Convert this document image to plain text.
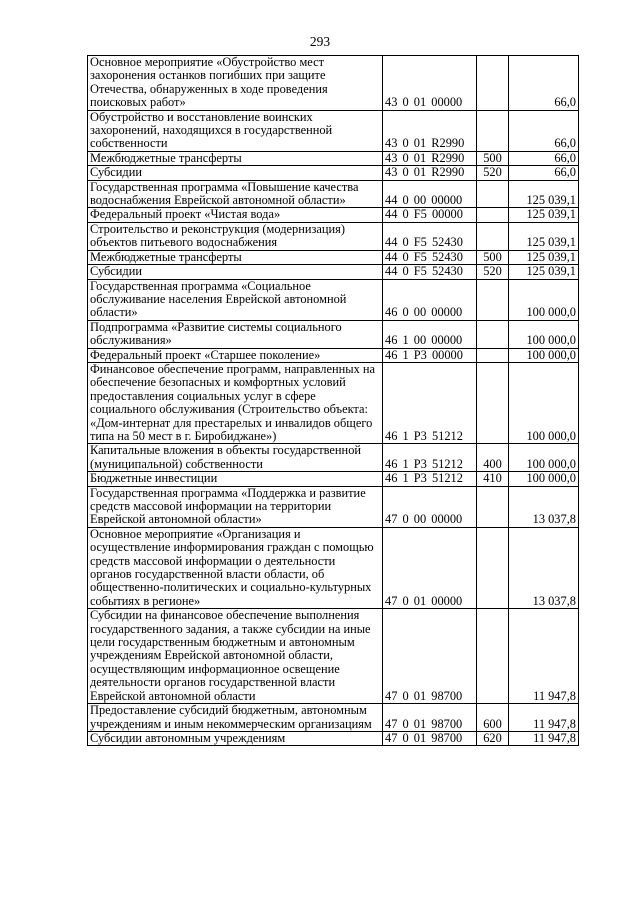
293
Основное мероприятие «Обустройство мест захоронения останков погибших при защите Отечества, обнаруженных в ходе проведения поисковых работ»	43 0 01 00000		66,0
Обустройство и восстановление воинских захоронений, находящихся в государственной собственности	43 0 01 R2990		66,0
Межбюджетные трансферты	43 0 01 R2990	500	66,0
Субсидии	43 0 01 R2990	520	66,0
Государственная программа «Повышение качества водоснабжения Еврейской автономной области»	44 0 00 00000		125 039,1
Федеральный проект «Чистая вода»	44 0 F5 00000		125 039,1
Строительство и реконструкция (модернизация) объектов питьевого водоснабжения	44 0 F5 52430		125 039,1
Межбюджетные трансферты	44 0 F5 52430	500	125 039,1
Субсидии	44 0 F5 52430	520	125 039,1
Государственная программа «Социальное обслуживание населения Еврейской автономной области»	46 0 00 00000		100 000,0
Подпрограмма «Развитие системы социального обслуживания»	46 1 00 00000		100 000,0
Федеральный проект «Старшее поколение»	46 1 P3 00000		100 000,0
Финансовое обеспечение программ, направленных на обеспечение безопасных и комфортных условий предоставления социальных услуг в сфере социального обслуживания (Строительство объекта: «Дом-интернат для престарелых и инвалидов общего типа на 50 мест в г. Биробиджане»)	46 1 P3 51212		100 000,0
Капитальные вложения в объекты государственной (муниципальной) собственности	46 1 P3 51212	400	100 000,0
Бюджетные инвестиции	46 1 P3 51212	410	100 000,0
Государственная программа «Поддержка и развитие средств массовой информации на территории Еврейской автономной области»	47 0 00 00000		13 037,8
Основное мероприятие «Организация и осуществление информирования граждан с помощью средств массовой информации о деятельности органов государственной власти области, об общественно-политических и социально-культурных событиях в регионе»	47 0 01 00000		13 037,8
Субсидии на финансовое обеспечение выполнения государственного задания, а также субсидии на иные цели государственным бюджетным и автономным учреждениям Еврейской автономной области, осуществляющим информационное освещение деятельности органов государственной власти Еврейской автономной области	47 0 01 98700		11 947,8
Предоставление субсидий бюджетным, автономным учреждениям и иным некоммерческим организациям	47 0 01 98700	600	11 947,8
Субсидии автономным учреждениям	47 0 01 98700	620	11 947,8
